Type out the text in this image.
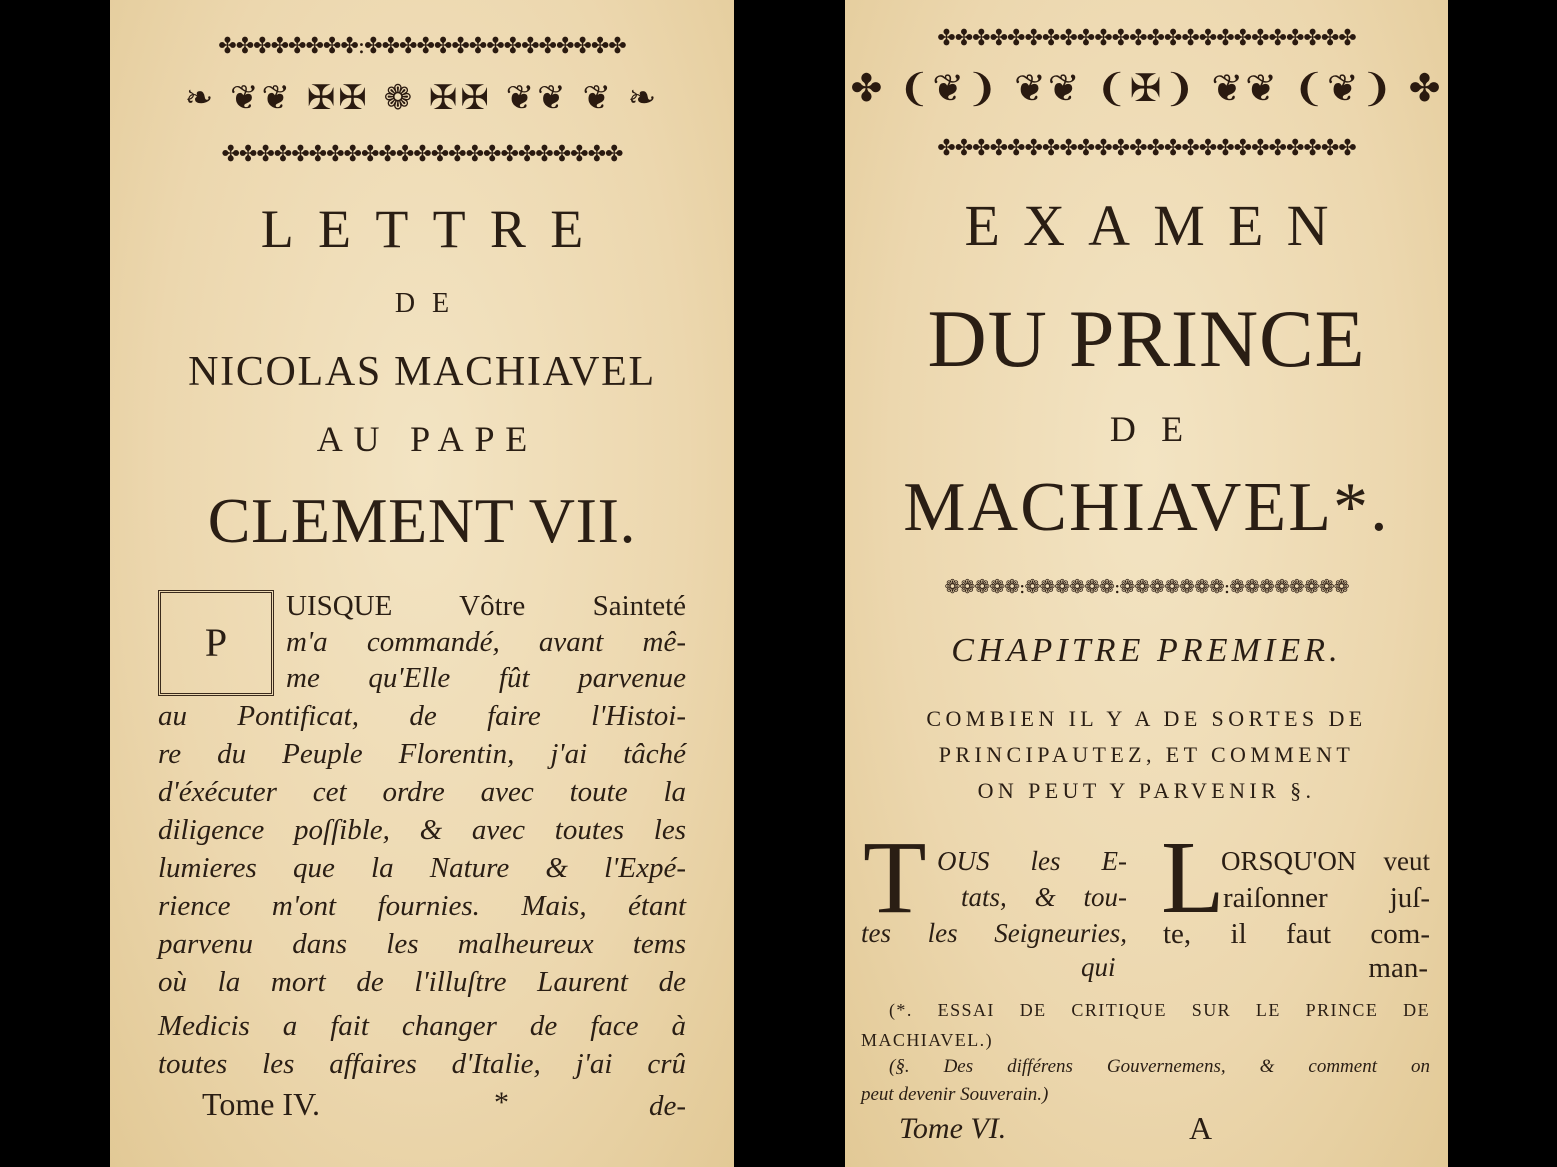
✤✤✤✤✤✤✤✤:✤✤✤✤✤✤✤✤✤✤✤✤✤✤✤
❧ ❦❦ ✠✠ ❁ ✠✠ ❦❦ ❦ ❧
✤✤✤✤✤✤✤✤✤✤✤✤✤✤✤✤✤✤✤✤✤✤✤
LETTRE
DE
NICOLAS MACHIAVEL
AU PAPE
CLEMENT VII.
P
UISQUE Vôtre Sainteté
m'a commandé, avant mê-
me qu'Elle fût parvenue
au Pontificat, de faire l'Histoi-
re du Peuple Florentin, j'ai tâché
d'éxécuter cet ordre avec toute la
diligence poſſible, & avec toutes les
lumieres que la Nature & l'Expé-
rience m'ont fournies. Mais, étant
parvenu dans les malheureux tems
où la mort de l'illuſtre Laurent de
Medicis a fait changer de face à
toutes les affaires d'Italie, j'ai crû
Tome IV.	*	de-
✤✤✤✤✤✤✤✤✤✤✤✤✤✤✤✤✤✤✤✤✤✤✤✤
✤ ❨❦❩ ❦❦ ❨✠❩ ❦❦ ❨❦❩ ✤
✤✤✤✤✤✤✤✤✤✤✤✤✤✤✤✤✤✤✤✤✤✤✤✤
EXAMEN
DU PRINCE
DE
MACHIAVEL*.
❁❁❁❁❁:❁❁❁❁❁❁:❁❁❁❁❁❁❁:❁❁❁❁❁❁❁❁
CHAPITRE PREMIER.
COMBIEN IL Y A DE SORTES DE
PRINCIPAUTEZ, ET COMMENT
ON PEUT Y PARVENIR §.
T OUS les E-
tats, & tou-
tes les Seigneuries,
qui
L
ORSQU'ON veut
raiſonner juſ-
te, il faut com-
man-
(*. ESSAI DE CRITIQUE SUR LE PRINCE DE
MACHIAVEL.)
(§. Des différens Gouvernemens, & comment on
peut devenir Souverain.)
Tome VI.	A
